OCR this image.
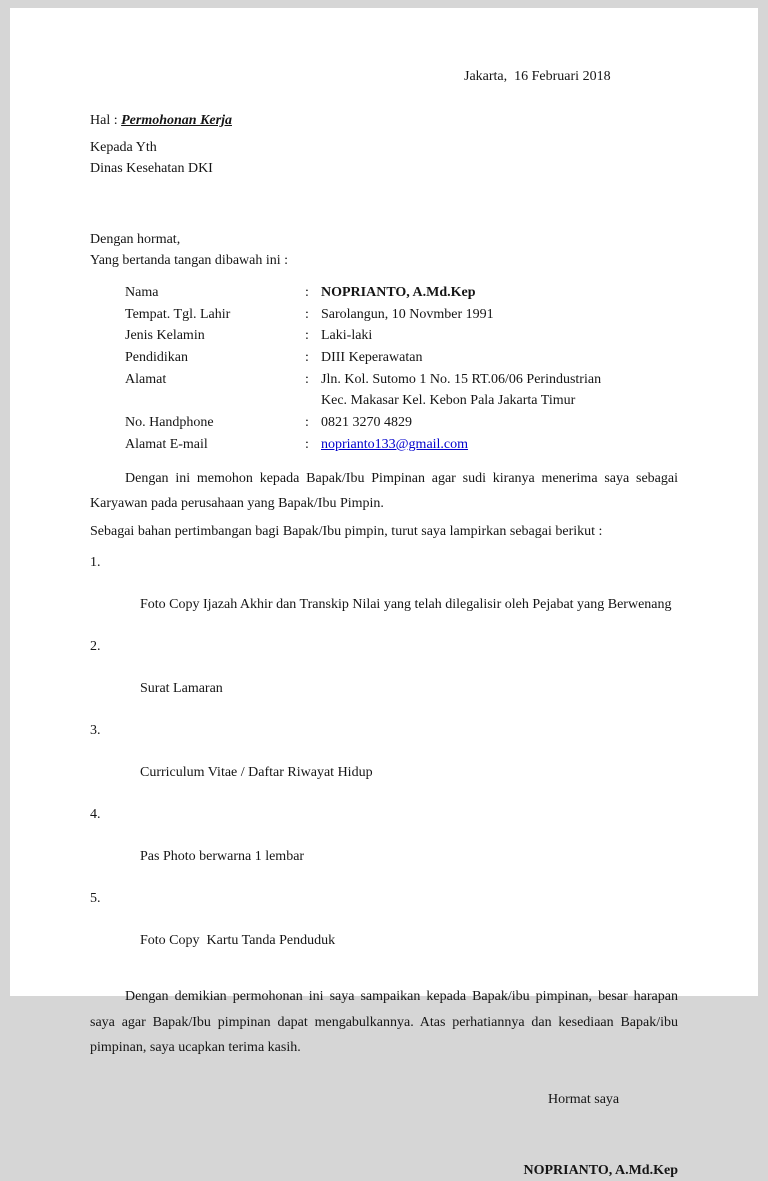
Jakarta,  16 Februari 2018
Hal : Permohonan Kerja
Kepada Yth
Dinas Kesehatan DKI
Dengan hormat,
Yang bertanda tangan dibawah ini :
Nama	: NOPRIANTO, A.Md.Kep
Tempat. Tgl. Lahir	: Sarolangun, 10 Novmber 1991
Jenis Kelamin	: Laki-laki
Pendidikan	: DIII Keperawatan
Alamat	: Jln. Kol. Sutomo 1 No. 15 RT.06/06 Perindustrian
Kec. Makasar Kel. Kebon Pala Jakarta Timur
No. Handphone	: 0821 3270 4829
Alamat E-mail	: noprianto133@gmail.com
Dengan ini memohon kepada Bapak/Ibu Pimpinan agar sudi kiranya menerima saya sebagai Karyawan pada perusahaan yang Bapak/Ibu Pimpin.
Sebagai bahan pertimbangan bagi Bapak/Ibu pimpin, turut saya lampirkan sebagai berikut :

1.

Foto Copy Ijazah Akhir dan Transkip Nilai yang telah dilegalisir oleh Pejabat yang Berwenang

2.

Surat Lamaran

3.

Curriculum Vitae / Daftar Riwayat Hidup

4.

Pas Photo berwarna 1 lembar

5.

Foto Copy  Kartu Tanda Penduduk

Dengan demikian permohonan ini saya sampaikan kepada Bapak/ibu pimpinan, besar harapan saya agar Bapak/Ibu pimpinan dapat mengabulkannya. Atas perhatiannya dan kesediaan Bapak/ibu pimpinan, saya ucapkan terima kasih.
Hormat saya
NOPRIANTO, A.Md.Kep
